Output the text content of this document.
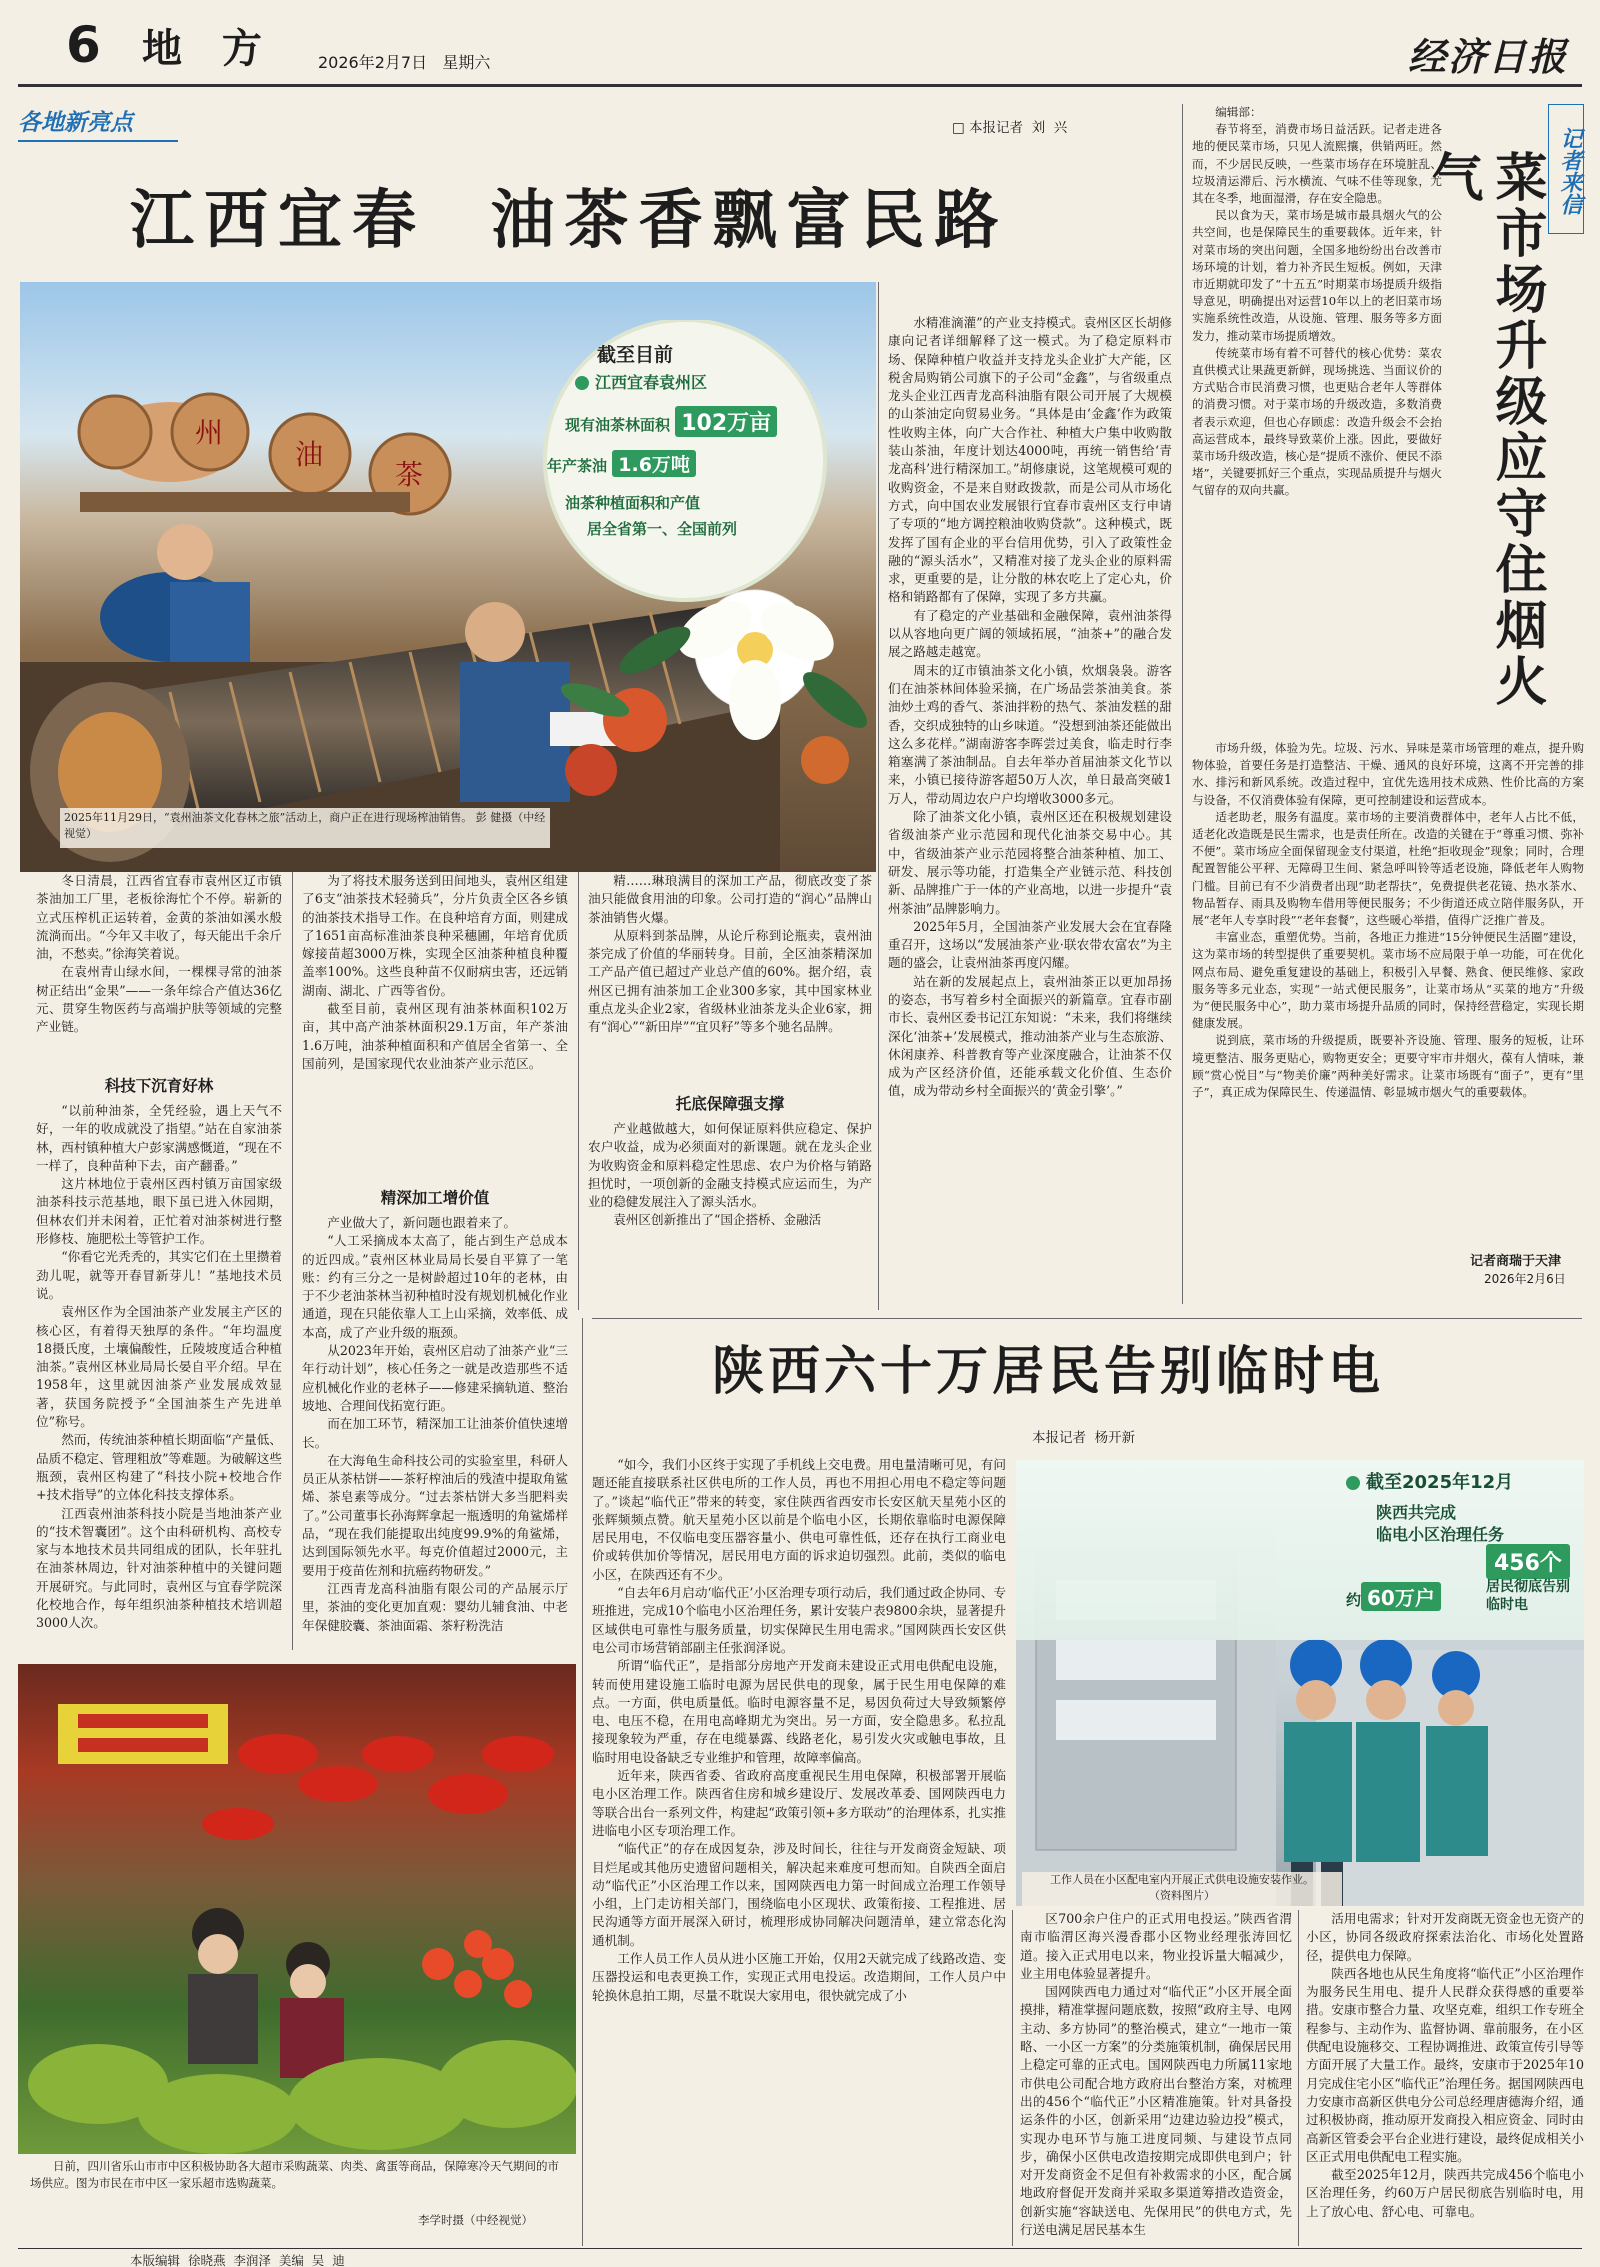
6 地  方	2026年2月7日   星期六	经济日报
各地新亮点	□ 本报记者  刘  兴
江西宜春  油茶香飘富民路
州
油
茶
截至目前
江西宜春袁州区
现有油茶林面积 102万亩
年产茶油 1.6万吨
油茶种植面积和产值
居全省第一、全国前列
2025年11月29日，“袁州油茶文化春林之旅”活动上，商户正在进行现场榨油销售。 彭 健摄（中经视觉）

冬日清晨，江西省宜春市袁州区辽市镇茶油加工厂里，老板徐海忙个不停。崭新的立式压榨机正运转着，金黄的茶油如溪水般流淌而出。“今年又丰收了，每天能出千余斤油，不愁卖。”徐海笑着说。
在袁州青山绿水间，一棵棵寻常的油茶树正结出“金果”——一条年综合产值达36亿元、贯穿生物医药与高端护肤等领域的完整产业链。

科技下沉育好林

“以前种油茶，全凭经验，遇上天气不好，一年的收成就没了指望。”站在自家油茶林，西村镇种植大户彭家满感慨道，“现在不一样了，良种苗种下去，亩产翻番。”
这片林地位于袁州区西村镇万亩国家级油茶科技示范基地，眼下虽已进入休园期，但林农们并未闲着，正忙着对油茶树进行整形修枝、施肥松土等管护工作。
“你看它光秃秃的，其实它们在土里攒着劲儿呢，就等开春冒新芽儿！”基地技术员说。
袁州区作为全国油茶产业发展主产区的核心区，有着得天独厚的条件。“年均温度18摄氏度，土壤偏酸性，丘陵坡度适合种植油茶。”袁州区林业局局长晏自平介绍。早在1958年，这里就因油茶产业发展成效显著，获国务院授予“全国油茶生产先进单位”称号。
然而，传统油茶种植长期面临“产量低、品质不稳定、管理粗放”等难题。为破解这些瓶颈，袁州区构建了“科技小院+校地合作+技术指导”的立体化科技支撑体系。
江西袁州油茶科技小院是当地油茶产业的“技术智囊团”。这个由科研机构、高校专家与本地技术员共同组成的团队，长年驻扎在油茶林周边，针对油茶种植中的关键问题开展研究。与此同时，袁州区与宜春学院深化校地合作，每年组织油茶种植技术培训超3000人次。

为了将技术服务送到田间地头，袁州区组建了6支“油茶技术轻骑兵”，分片负责全区各乡镇的油茶技术指导工作。在良种培育方面，则建成了1651亩高标准油茶良种采穗圃，年培育优质嫁接苗超3000万株，实现全区油茶种植良种覆盖率100%。这些良种苗不仅耐病虫害，还远销湖南、湖北、广西等省份。
截至目前，袁州区现有油茶林面积102万亩，其中高产油茶林面积29.1万亩，年产茶油1.6万吨，油茶种植面积和产值居全省第一、全国前列，是国家现代农业油茶产业示范区。

精深加工增价值

产业做大了，新问题也跟着来了。
“人工采摘成本太高了，能占到生产总成本的近四成。”袁州区林业局局长晏自平算了一笔账：约有三分之一是树龄超过10年的老林，由于不少老油茶林当初种植时没有规划机械化作业通道，现在只能依靠人工上山采摘，效率低、成本高，成了产业升级的瓶颈。
从2023年开始，袁州区启动了油茶产业“三年行动计划”，核心任务之一就是改造那些不适应机械化作业的老林子——修建采摘轨道、整治坡地、合理间伐拓宽行距。
而在加工环节，精深加工让油茶价值快速增长。
在大海龟生命科技公司的实验室里，科研人员正从茶枯饼——茶籽榨油后的残渣中提取角鲨烯、茶皂素等成分。“过去茶枯饼大多当肥料卖了。”公司董事长孙海辉拿起一瓶透明的角鲨烯样品，“现在我们能提取出纯度99.9%的角鲨烯，达到国际领先水平。每克价值超过2000元，主要用于疫苗佐剂和抗癌药物研发。”
江西青龙高科油脂有限公司的产品展示厅里，茶油的变化更加直观：婴幼儿辅食油、中老年保健胶囊、茶油面霜、茶籽粉洗洁

精……琳琅满目的深加工产品，彻底改变了茶油只能做食用油的印象。公司打造的“润心”品牌山茶油销售火爆。
从原料到茶品牌，从论斤称到论瓶卖，袁州油茶完成了价值的华丽转身。目前，全区油茶精深加工产品产值已超过产业总产值的60%。据介绍，袁州区已拥有油茶加工企业300多家，其中国家林业重点龙头企业2家，省级林业油茶龙头企业6家，拥有“润心”“新田岸”“宜贝籽”等多个驰名品牌。

托底保障强支撑

产业越做越大，如何保证原料供应稳定、保护农户收益，成为必须面对的新课题。就在龙头企业为收购资金和原料稳定性思虑、农户为价格与销路担忧时，一项创新的金融支持模式应运而生，为产业的稳健发展注入了源头活水。
袁州区创新推出了“国企搭桥、金融活

水精准滴灌”的产业支持模式。袁州区区长胡修康向记者详细解释了这一模式。为了稳定原料市场、保障种植户收益并支持龙头企业扩大产能，区税舍局购销公司旗下的子公司“金鑫”，与省级重点龙头企业江西青龙高科油脂有限公司开展了大规模的山茶油定向贸易业务。“具体是由‘金鑫’作为政策性收购主体，向广大合作社、种植大户集中收购散装山茶油，年度计划达4000吨，再统一销售给‘青龙高科’进行精深加工。”胡修康说，这笔规模可观的收购资金，不是来自财政拨款，而是公司从市场化方式，向中国农业发展银行宜春市袁州区支行申请了专项的“地方调控粮油收购贷款”。这种模式，既发挥了国有企业的平台信用优势，引入了政策性金融的“源头活水”，又精准对接了龙头企业的原料需求，更重要的是，让分散的林农吃上了定心丸，价格和销路都有了保障，实现了多方共赢。
有了稳定的产业基础和金融保障，袁州油茶得以从容地向更广阔的领域拓展，“油茶+”的融合发展之路越走越宽。
周末的辽市镇油茶文化小镇，炊烟袅袅。游客们在油茶林间体验采摘，在广场品尝茶油美食。茶油炒土鸡的香气、茶油拌粉的热气、茶油发糕的甜香，交织成独特的山乡味道。“没想到油茶还能做出这么多花样。”湖南游客李晖尝过美食，临走时行李箱塞满了茶油制品。自去年举办首届油茶文化节以来，小镇已接待游客超50万人次，单日最高突破1万人，带动周边农户户均增收3000多元。
除了油茶文化小镇，袁州区还在积极规划建设省级油茶产业示范园和现代化油茶交易中心。其中，省级油茶产业示范园将整合油茶种植、加工、研发、展示等功能，打造集全产业链示范、科技创新、品牌推广于一体的产业高地，以进一步提升“袁州茶油”品牌影响力。
2025年5月，全国油茶产业发展大会在宜春隆重召开，这场以“发展油茶产业·联农带农富农”为主题的盛会，让袁州油茶再度闪耀。
站在新的发展起点上，袁州油茶正以更加昂扬的姿态，书写着乡村全面振兴的新篇章。宜春市副市长、袁州区委书记江东知说：“未来，我们将继续深化‘油茶+’发展模式，推动油茶产业与生态旅游、休闲康养、科普教育等产业深度融合，让油茶不仅成为产区经济价值，还能承载文化价值、生态价值，成为带动乡村全面振兴的‘黄金引擎’。”

编辑部：
春节将至，消费市场日益活跃。记者走进各地的便民菜市场，只见人流熙攘，供销两旺。然而，不少居民反映，一些菜市场存在环境脏乱、垃圾清运滞后、污水横流、气味不佳等现象，尤其在冬季，地面湿滑，存在安全隐患。
民以食为天，菜市场是城市最具烟火气的公共空间，也是保障民生的重要载体。近年来，针对菜市场的突出问题，全国多地纷纷出台改善市场环境的计划，着力补齐民生短板。例如，天津市近期就印发了“十五五”时期菜市场提质升级指导意见，明确提出对运营10年以上的老旧菜市场实施系统性改造，从设施、管理、服务等多方面发力，推动菜市场提质增效。
传统菜市场有着不可替代的核心优势：菜农直供模式让果蔬更新鲜，现场挑选、当面议价的方式贴合市民消费习惯，也更贴合老年人等群体的消费习惯。对于菜市场的升级改造，多数消费者表示欢迎，但也心存顾虑：改造升级会不会抬高运营成本，最终导致菜价上涨。因此，要做好菜市场升级改造，核心是“提质不涨价、便民不添堵”，关键要抓好三个重点，实现品质提升与烟火气留存的双向共赢。

记者来信
菜市场升级应守住烟火气

市场升级，体验为先。垃圾、污水、异味是菜市场管理的难点，提升购物体验，首要任务是打造整洁、干燥、通风的良好环境，这离不开完善的排水、排污和新风系统。改造过程中，宜优先选用技术成熟、性价比高的方案与设备，不仅消费体验有保障，更可控制建设和运营成本。
适老助老，服务有温度。菜市场的主要消费群体中，老年人占比不低，适老化改造既是民生需求，也是责任所在。改造的关键在于“尊重习惯、弥补不便”。菜市场应全面保留现金支付渠道，杜绝“拒收现金”现象；同时，合理配置智能公平秤、无障碍卫生间、紧急呼叫铃等适老设施，降低老年人购物门槛。目前已有不少消费者出现“助老帮扶”，免费提供老花镜、热水茶水、物品暂存、雨具及购物车借用等便民服务；不少街道还成立陪伴服务队，开展“老年人专享时段”“老年套餐”，这些暖心举措，值得广泛推广普及。
丰富业态，重塑优势。当前，各地正力推进“15分钟便民生活圈”建设，这为菜市场的转型提供了重要契机。菜市场不应局限于单一功能，可在优化网点布局、避免重复建设的基础上，积极引入早餐、熟食、便民维修、家政服务等多元业态，实现“一站式便民服务”，让菜市场从“买菜的地方”升级为“便民服务中心”，助力菜市场提升品质的同时，保持经营稳定，实现长期健康发展。
说到底，菜市场的升级提质，既要补齐设施、管理、服务的短板，让环境更整洁、服务更贴心，购物更安全；更要守牢市井烟火，葆有人情味，兼顾“赏心悦目”与“物美价廉”两种美好需求。让菜市场既有“面子”，更有“里子”，真正成为保障民生、传递温情、彰显城市烟火气的重要载体。

记者商瑞于天津
2026年2月6日
陕西六十万居民告别临时电
本报记者  杨开新
截至2025年12月
陕西共完成
临电小区治理任务
456个
约 60万户	居民彻底告别临时电
工作人员在小区配电室内开展正式供电设施安装作业。
（资料图片）

“如今，我们小区终于实现了手机线上交电费。用电量清晰可见，有问题还能直接联系社区供电所的工作人员，再也不用担心用电不稳定等问题了。”谈起“临代正”带来的转变，家住陕西省西安市长安区航天星苑小区的张辉频频点赞。航天星苑小区以前是个临电小区，长期依靠临时电源保障居民用电，不仅临电变压器容量小、供电可靠性低，还存在执行工商业电价或转供加价等情况，居民用电方面的诉求迫切强烈。此前，类似的临电小区，在陕西还有不少。
“自去年6月启动‘临代正’小区治理专项行动后，我们通过政企协同、专班推进，完成10个临电小区治理任务，累计安装户表9800余块，显著提升区域供电可靠性与服务质量，切实保障民生用电需求。”国网陕西长安区供电公司市场营销部副主任张润泽说。
所谓“临代正”，是指部分房地产开发商未建设正式用电供配电设施，转而使用建设施工临时电源为居民供电的现象，属于民生用电保障的难点。一方面，供电质量低。临时电源容量不足，易因负荷过大导致频繁停电、电压不稳，在用电高峰期尤为突出。另一方面，安全隐患多。私拉乱接现象较为严重，存在电缆暴露、线路老化，易引发火灾或触电事故，且临时用电设备缺乏专业维护和管理，故障率偏高。
近年来，陕西省委、省政府高度重视民生用电保障，积极部署开展临电小区治理工作。陕西省住房和城乡建设厅、发展改革委、国网陕西电力等联合出台一系列文件，构建起“政策引领+多方联动”的治理体系，扎实推进临电小区专项治理工作。
“临代正”的存在成因复杂，涉及时间长，往往与开发商资金短缺、项目烂尾或其他历史遗留问题相关，解决起来难度可想而知。自陕西全面启动“临代正”小区治理工作以来，国网陕西电力第一时间成立治理工作领导小组，上门走访相关部门，围绕临电小区现状、政策衔接、工程推进、居民沟通等方面开展深入研讨，梳理形成协同解决问题清单，建立常态化沟通机制。
工作人员工作人员从进小区施工开始，仅用2天就完成了线路改造、变压器投运和电表更换工作，实现正式用电投运。改造期间，工作人员户中轮换休息拍工期，尽量不耽误大家用电，很快就完成了小

区700余户住户的正式用电投运。”陕西省渭南市临渭区海兴漫香郡小区物业经理张涛回忆道。接入正式用电以来，物业投诉量大幅减少，业主用电体验显著提升。
国网陕西电力通过对“临代正”小区开展全面摸排，精准掌握问题底数，按照“政府主导、电网主动、多方协同”的整治模式，建立“一地市一策略、一小区一方案”的分类施策机制，确保居民用上稳定可靠的正式电。国网陕西电力所属11家地市供电公司配合地方政府出台整治方案，对梳理出的456个“临代正”小区精准施策。针对具备投运条件的小区，创新采用“边建边验边投”模式，实现办电环节与施工进度同频、与建设节点同步，确保小区供电改造按期完成即供电到户；针对开发商资金不足但有补救需求的小区，配合属地政府督促开发商并采取多渠道筹措改造资金，创新实施“容缺送电、先保用民”的供电方式，先行送电满足居民基本生

活用电需求；针对开发商既无资金也无资产的小区，协同各级政府探索法治化、市场化处置路径，提供电力保障。
陕西各地也从民生角度将“临代正”小区治理作为服务民生用电、提升人民群众获得感的重要举措。安康市整合力量、攻坚克难，组织工作专班全程参与、主动作为、监督协调、靠前服务，在小区供配电设施移交、工程协调推进、政策宣传引导等方面开展了大量工作。最终，安康市于2025年10月完成住宅小区“临代正”治理任务。据国网陕西电力安康市高新区供电分公司总经理唐德海介绍，通过积极协商，推动原开发商投入相应资金、同时由高新区管委会平台企业进行建设，最终促成相关小区正式用电供配电工程实施。
截至2025年12月，陕西共完成456个临电小区治理任务，约60万户居民彻底告别临时电，用上了放心电、舒心电、可靠电。

日前，四川省乐山市市中区积极协助各大超市采购蔬菜、肉类、禽蛋等商品，保障寒冷天气期间的市场供应。图为市民在市中区一家乐超市选购蔬菜。
李学时摄（中经视觉）
本版编辑  徐晓燕  李润泽  美编  吴  迪
